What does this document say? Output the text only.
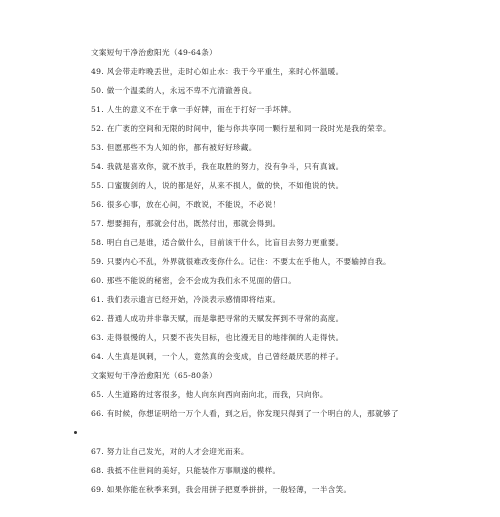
文案短句干净治愈阳光（49-64条）
49. 风会带走昨晚丢世，走时心如止水：我于今平重生，来时心怀温暖。
50. 做一个温柔的人，永远不卑不亢清澈善良。
51. 人生的意义不在于拿一手好牌，而在于打好一手坏牌。
52. 在广袤的空间和无限的时间中，能与你共享同一颗行星和同一段时光是我的荣幸。
53. 但愿那些不为人知的你，都有被好好珍藏。
54. 我就是喜欢你，就不放手，我在取胜的努力，没有争斗，只有真诚。
55. 口蜜腹剑的人，说的都是好，从来不损人，做的快，不如他说的快。
56. 很多心事，放在心间，不敢说，不能说，不必说！
57. 想要拥有，那就会付出，既然付出，那就会得到。
58. 明白自己是谁，适合做什么，目前该干什么，比盲目去努力更重要。
59. 只要内心不乱，外界就很难改变你什么。记住：不要太在乎他人，不要输掉自我。
60. 那些不能说的秘密，会不会成为我们永不见面的借口。
61. 我们表示遗言已经开始，冷淡表示感情即将结束。
62. 普通人成功并非靠天赋，而是靠把寻常的天赋发挥到不寻常的高度。
63. 走得很慢的人，只要不丧失目标，也比漫无目的地徘徊的人走得快。
64. 人生真是讽刺，一个人，竟然真的会变成，自己曾经最厌恶的样子。
文案短句干净治愈阳光（65-80条）
65. 人生道路的过客很多，他人向东向西向南向北，而我，只向你。
66. 有时候，你想证明给一万个人看，到之后，你发现只得到了一个明白的人，那就够了
67. 努力让自己发光，对的人才会迎光而来。
68. 我抵不住世间的美好，只能装作万事顺遂的模样。
69. 如果你能在秋季来到，我会用拼子把夏季拼拼，一般轻薄，一半含笑。
